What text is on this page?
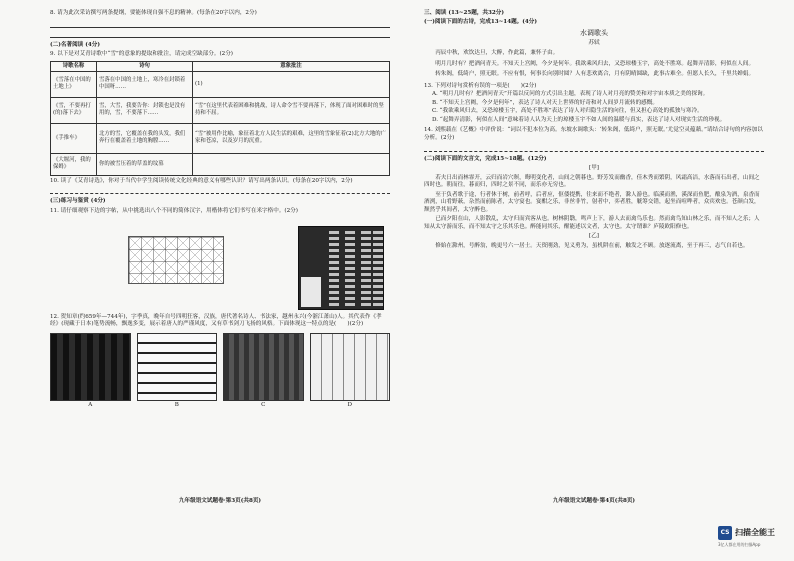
8. 请为此次采访撰写两条提纲，要能体现自强不息的精神。(每条在20字以内，2分)
(二)名著阅读 (4分)
9. 以下是对艾青诗歌中“雪”的意象的提取和批注，请完成空缺部分。(2分)
诗歌名称	诗句	意象批注
《雪落在中国的土地上》	雪落在中国的土地上，寒冷在封锁着中国呀……	(1)
《雪，不要再打(的)落下去》	雪，大雪，我要告你：封锁也是没有用的，雪，不要落下……	“雪”在这里代表着困难和挑战，诗人命令雪不要再落下，体现了面对困难时的坚持和不屈。
《手推车》	北方的雪，它覆盖在我的头发，我们奔行在覆盖着土地的胸膛……	“雪”被用作比喻，象征着北方人民生活的艰难，这里的雪象征着(2)北方大地的广家和苍凉，以及岁月的沉重。
《大堰河，我的保姆》	你的被雪压着的草盖的坟墓	
10. 读了《艾青诗选》，你对于当代中学生阅读传统文化经典的意义有哪些认识？请写出两条认识。(每条在20字以内，2分)
(三)练习与鉴赏 (4分)
11. 请仔细观察下边的字帖，从中挑选出八个不同的简体汉字，用楷体将它们书写在米字格中。(2分)
12. 贺知章(约659年—744年)，字季真，晚年自号四明狂客，汉族，唐代著名诗人、书法家，越州永兴(今浙江萧山)人。其代表作《孝经》(现藏于日本)笔势流畅，飘逸多变，展示着唐人的严谨风度，又有草书剑刀飞扬的风格。下面体现这一特点的是(　　)(2分)
A	B	C	D
九年级语文试题卷·第3页(共8页)
三、阅读 (13~25题，共32分)
(一)阅读下面的古诗，完成13~14题。(4分)
水调歌头
苏轼

丙辰中秋，欢饮达旦，大醉，作此篇，兼怀子由。

明月几时有？把酒问青天。不知天上宫阙，今夕是何年。我欲乘风归去，又恐琼楼玉宇，高处不胜寒。起舞弄清影，何似在人间。

转朱阁，低绮户，照无眠。不应有恨，何事长向别时圆？人有悲欢离合，月有阴晴圆缺，此事古难全。但愿人长久，千里共婵娟。

13. 下列对诗句赏析有误的一项是(　　)(2分)
A. “明月几时有？把酒问青天”开篇以反问的方式引出主题，表现了诗人对月亮的赞美和对宇宙本质之美的探询。
B. “不知天上宫阙，今夕是何年”，表达了诗人对天上世界的好奇和对人间岁月流转的感慨。
C. “我欲乘风归去，又恐琼楼玉宇，高处不胜寒”表达了诗人对归隐生活的向往，但又担心高处的孤独与寒冷。
D. “起舞弄清影，何似在人间”意味着诗人认为天上的琼楼玉宇不如人间的温暖与真实，表达了诗人对现实生活的珍视。
14. 刘熙载在《艺概》中评价说：“词以不犯本位为高。东坡水调歌头：‘转朱阁，低绮户，照无眠。’尤觉空灵蕴藉。”请结合诗句的内容加以分析。(2分)
(二)阅读下面的文言文，完成15~18题。(12分)
[甲]
若夫日出而林霏开，云归而岩穴暝，晦明变化者，山间之朝暮也。野芳发而幽香，佳木秀而繁阴，风霜高洁，水落而石出者，山间之四时也。朝而往，暮而归，四时之景不同，而乐亦无穷也。
至于负者歌于途，行者休于树，前者呼，后者应，伛偻提携，往来而不绝者，滁人游也。临溪而渔，溪深而鱼肥，酿泉为酒，泉香而酒洌，山肴野蔌，杂然而前陈者，太守宴也。宴酣之乐，非丝非竹，射者中，弈者胜，觥筹交错，起坐而喧哗者，众宾欢也。苍颜白发，颓然乎其间者，太守醉也。
已而夕阳在山，人影散乱，太守归而宾客从也。树林阴翳，鸣声上下，游人去而禽鸟乐也。然而禽鸟知山林之乐，而不知人之乐；人知从太守游而乐，而不知太守之乐其乐也。醉能同其乐，醒能述以文者，太守也。太守谓谁？庐陵欧阳修也。
[乙]
修始在滁州，号醉翁，晚更号六一居士。天资刚劲，见义勇为，虽机阱在前，触发之不顾。放逐流离，至于再三，志气自若也。
九年级语文试题卷·第4页(共8页)
CS 扫描全能王
3亿人都在用的扫描App
